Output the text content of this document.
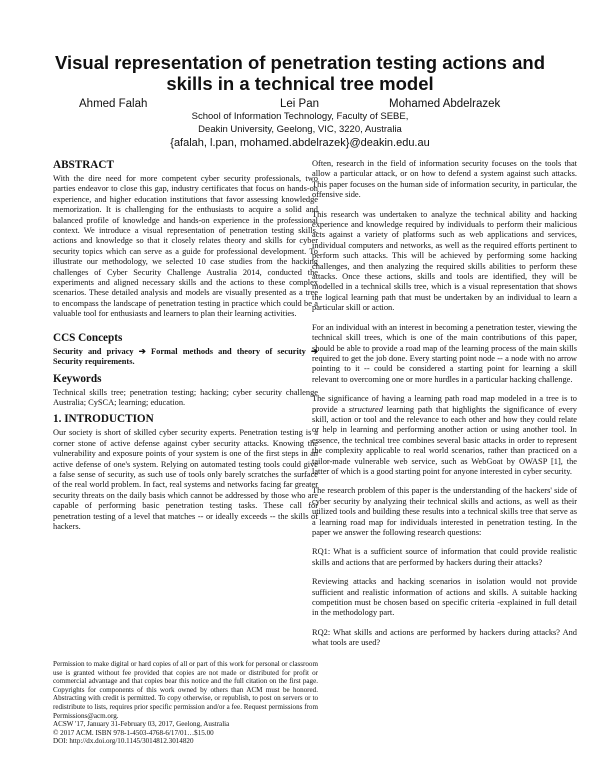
Visual representation of penetration testing actions and skills in a technical tree model
Ahmed Falah	Lei Pan	Mohamed Abdelrazek
School of Information Technology, Faculty of SEBE,
Deakin University, Geelong, VIC, 3220, Australia
{afalah, l.pan, mohamed.abdelrazek}@deakin.edu.au
ABSTRACT

With the dire need for more competent cyber security professionals, two parties endeavor to close this gap, industry certificates that focus on hands-on experience, and higher education institutions that favor assessing knowledge memorization. It is challenging for the enthusiasts to acquire a solid and balanced profile of knowledge and hands-on experience in the professional context. We introduce a visual representation of penetration testing skills, actions and knowledge so that it closely relates theory and skills for cyber security topics which can serve as a guide for professional development. To illustrate our methodology, we selected 10 case studies from the hacking challenges of Cyber Security Challenge Australia 2014, conducted the experiments and aligned necessary skills and the actions to these complex scenarios. These detailed analysis and models are visually presented as a tree to encompass the landscape of penetration testing in practice which could be a valuable tool for enthusiasts and learners to plan their learning activities.

CCS Concepts

Security and privacy ➔ Formal methods and theory of security ➔ Security requirements.

Keywords

Technical skills tree; penetration testing; hacking; cyber security challenge Australia; CySCA; learning; education.

1. INTRODUCTION

Our society is short of skilled cyber security experts. Penetration testing is a corner stone of active defense against cyber security attacks. Knowing the vulnerability and exposure points of your system is one of the first steps in an active defense of one's system. Relying on automated testing tools could give a false sense of security, as such use of tools only barely scratches the surface of the real world problem. In fact, real systems and networks facing far greater security threats on the daily basis which cannot be addressed by those who are capable of performing basic penetration testing tasks. These call for penetration testing of a level that matches -- or ideally exceeds -- the skills of hackers.

Permission to make digital or hard copies of all or part of this work for personal or classroom use is granted without fee provided that copies are not made or distributed for profit or commercial advantage and that copies bear this notice and the full citation on the first page. Copyrights for components of this work owned by others than ACM must be honored. Abstracting with credit is permitted. To copy otherwise, or republish, to post on servers or to redistribute to lists, requires prior specific permission and/or a fee. Request permissions from Permissions@acm.org.

ACSW '17, January 31-February 03, 2017, Geelong, Australia
© 2017 ACM. ISBN 978-1-4503-4768-6/17/01…$15.00
DOI: http://dx.doi.org/10.1145/3014812.3014820

Often, research in the field of information security focuses on the tools that allow a particular attack, or on how to defend a system against such attacks. This paper focuses on the human side of information security, in particular, the offensive side.

This research was undertaken to analyze the technical ability and hacking experience and knowledge required by individuals to perform their malicious acts against a variety of platforms such as web applications and services, individual computers and networks, as well as the required efforts pertinent to perform such attacks. This will be achieved by performing some hacking challenges, and then analyzing the required skills abilities to perform these attacks. Once these actions, skills and tools are identified, they will be modelled in a technical skills tree, which is a visual representation that shows the logical learning path that must be undertaken by an individual to learn a particular skill or action.

For an individual with an interest in becoming a penetration tester, viewing the technical skill trees, which is one of the main contributions of this paper, should be able to provide a road map of the learning process of the main skills required to get the job done. Every starting point node -- a node with no arrow pointing to it -- could be considered a starting point for learning a skill relevant to overcoming one or more hurdles in a particular hacking challenge.

The significance of having a learning path road map modeled in a tree is to provide a structured learning path that highlights the significance of every skill, action or tool and the relevance to each other and how they could relate or help in learning and performing another action or using another tool. In essence, the technical tree combines several basic attacks in order to represent the complexity applicable to real world scenarios, rather than practiced on a tailor-made vulnerable web service, such as WebGoat by OWASP [1], the latter of which is a good starting point for anyone interested in cyber security.

The research problem of this paper is the understanding of the hackers' side of cyber security by analyzing their technical skills and actions, as well as their utilized tools and building these results into a technical skills tree that serve as a learning road map for individuals interested in penetration testing. In the paper we answer the following research questions:

RQ1: What is a sufficient source of information that could provide realistic skills and actions that are performed by hackers during their attacks?

Reviewing attacks and hacking scenarios in isolation would not provide sufficient and realistic information of actions and skills. A suitable hacking competition must be chosen based on specific criteria -explained in full detail in the methodology part.

RQ2: What skills and actions are performed by hackers during attacks? And what tools are used?
